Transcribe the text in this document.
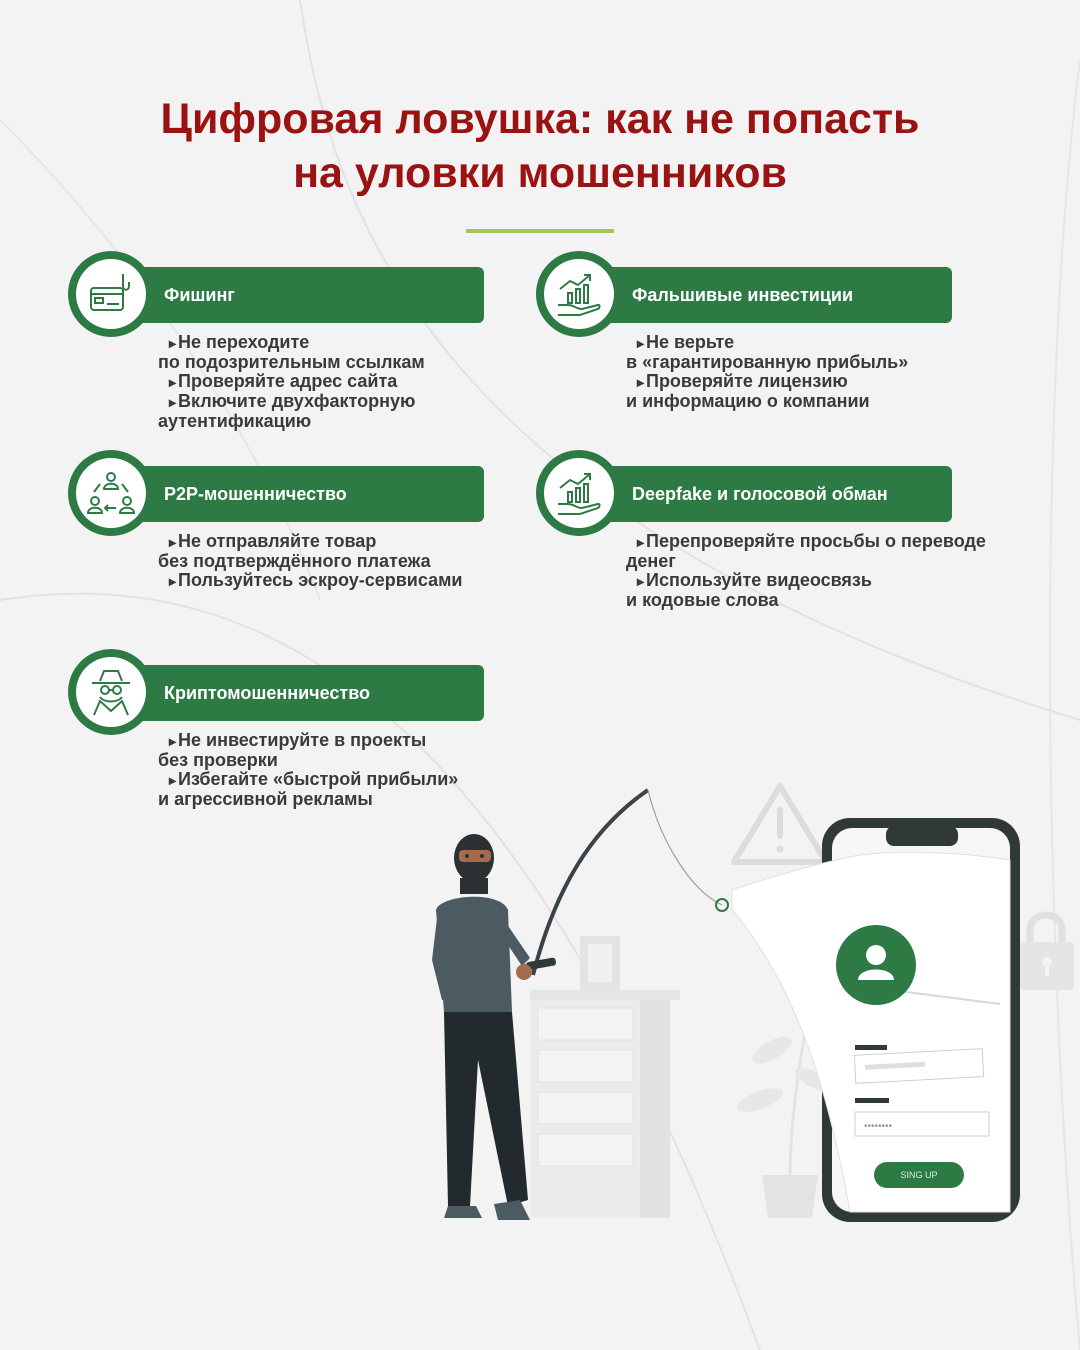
Цифровая ловушка: как не попасть
на уловки мошенников
Фишинг
▸ Не переходите
по подозрительным ссылкам
▸ Проверяйте адрес сайта
▸ Включите двухфакторную
аутентификацию
Фальшивые инвестиции
▸ Не верьте
в «гарантированную прибыль»
▸ Проверяйте лицензию
и информацию о компании
P2P-мошенничество
▸ Не отправляйте товар
без подтверждённого платежа
▸ Пользуйтесь эскроу-сервисами
Deepfake и голосовой обман
▸ Перепроверяйте просьбы о переводе
денег
▸ Используйте видеосвязь
и кодовые слова
Криптомошенничество
▸ Не инвестируйте в проекты
без проверки
▸ Избегайте «быстрой прибыли»
и агрессивной рекламы
••••••••
SING UP
